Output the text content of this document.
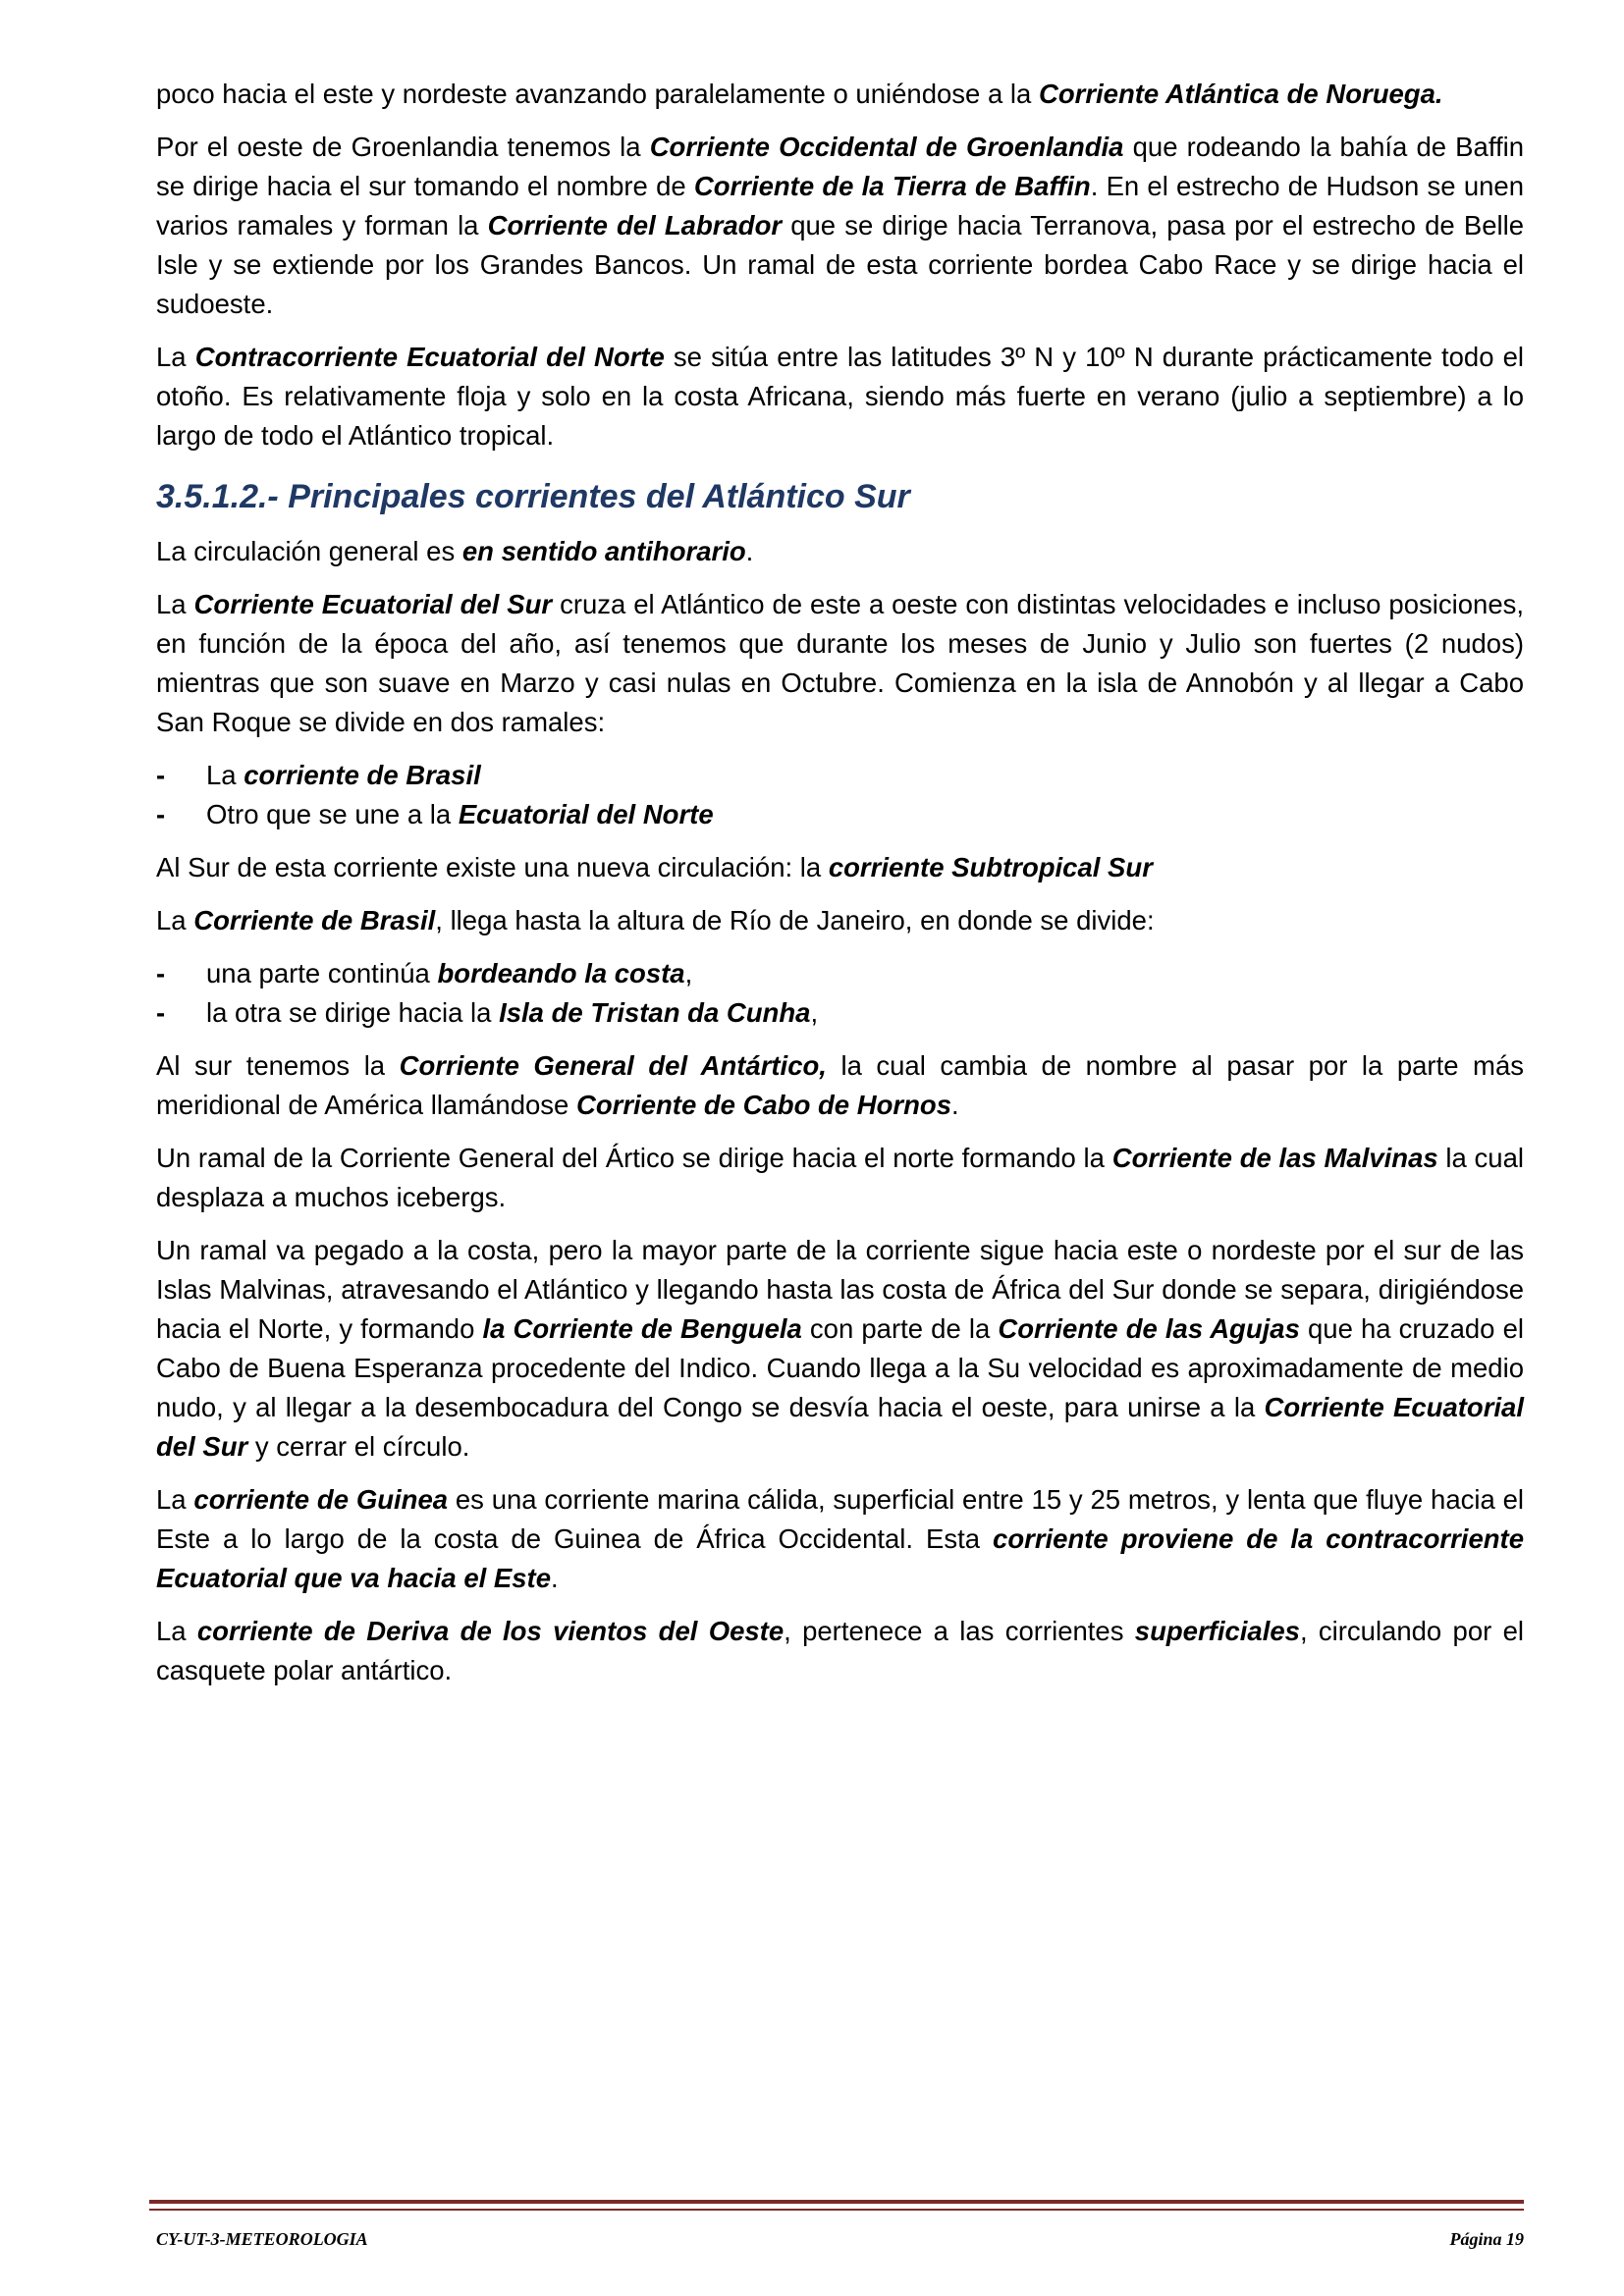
poco hacia el este y nordeste avanzando paralelamente o uniéndose a la Corriente Atlántica de Noruega.

Por el oeste de Groenlandia tenemos la Corriente Occidental de Groenlandia que rodeando la bahía de Baffin se dirige hacia el sur tomando el nombre de Corriente de la Tierra de Baffin. En el estrecho de Hudson se unen varios ramales y forman la Corriente del Labrador que se dirige hacia Terranova, pasa por el estrecho de Belle Isle y se extiende por los Grandes Bancos. Un ramal de esta corriente bordea Cabo Race y se dirige hacia el sudoeste.

La Contracorriente Ecuatorial del Norte se sitúa entre las latitudes 3º N y 10º N durante prácticamente todo el otoño. Es relativamente floja y solo en la costa Africana, siendo más fuerte en verano (julio a septiembre) a lo largo de todo el Atlántico tropical.

3.5.1.2.- Principales corrientes del Atlántico Sur

La circulación general es en sentido antihorario.

La Corriente Ecuatorial del Sur cruza el Atlántico de este a oeste con distintas velocidades e incluso posiciones, en función de la época del año, así tenemos que durante los meses de Junio y Julio son fuertes (2 nudos) mientras que son suave en Marzo y casi nulas en Octubre. Comienza en la isla de Annobón y al llegar a Cabo San Roque se divide en dos ramales:

- La corriente de Brasil
- Otro que se une a la Ecuatorial del Norte

Al Sur de esta corriente existe una nueva circulación: la corriente Subtropical Sur

La Corriente de Brasil, llega hasta la altura de Río de Janeiro, en donde se divide:

- una parte continúa bordeando la costa,
- la otra se dirige hacia la Isla de Tristan da Cunha,

Al sur tenemos la Corriente General del Antártico, la cual cambia de nombre al pasar por la parte más meridional de América llamándose Corriente de Cabo de Hornos.

Un ramal de la Corriente General del Ártico se dirige hacia el norte formando la Corriente de las Malvinas la cual desplaza a muchos icebergs.

Un ramal va pegado a la costa, pero la mayor parte de la corriente sigue hacia este o nordeste por el sur de las Islas Malvinas, atravesando el Atlántico y llegando hasta las costa de África del Sur donde se separa, dirigiéndose hacia el Norte, y formando la Corriente de Benguela con parte de la Corriente de las Agujas que ha cruzado el Cabo de Buena Esperanza procedente del Indico. Cuando llega a la Su velocidad es aproximadamente de medio nudo, y al llegar a la desembocadura del Congo se desvía hacia el oeste, para unirse a la Corriente Ecuatorial del Sur y cerrar el círculo.

La corriente de Guinea es una corriente marina cálida, superficial entre 15 y 25 metros, y lenta que fluye hacia el Este a lo largo de la costa de Guinea de África Occidental. Esta corriente proviene de la contracorriente Ecuatorial que va hacia el Este.

La corriente de Deriva de los vientos del Oeste, pertenece a las corrientes superficiales, circulando por el casquete polar antártico.

CY-UT-3-METEOROLOGIA	Página 19
